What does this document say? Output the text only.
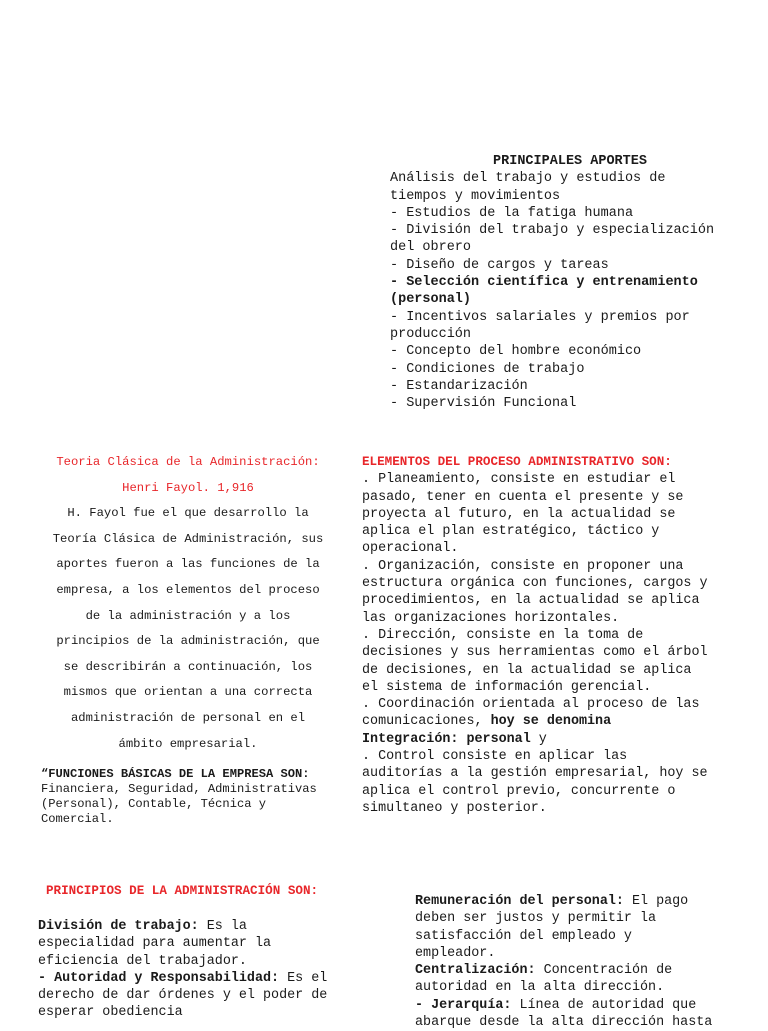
PRINCIPALES APORTES
Análisis del trabajo y estudios de
tiempos y movimientos
- Estudios de la fatiga humana
- División del trabajo y especialización
del obrero
- Diseño de cargos y tareas
- Selección científica y entrenamiento
(personal)
- Incentivos salariales y premios por
producción
- Concepto del hombre económico
- Condiciones de trabajo
- Estandarización
- Supervisión Funcional
Teoria Clásica de la Administración:
Henri Fayol. 1,916
H. Fayol fue el que desarrollo la
Teoría Clásica de Administración, sus
aportes fueron a las funciones de la
empresa, a los elementos del proceso
de la administración y a los
principios de la administración, que
se describirán a continuación, los
mismos que orientan a una correcta
administración de personal en el
ámbito empresarial.
“FUNCIONES BÁSICAS DE LA EMPRESA SON:
Financiera, Seguridad, Administrativas
(Personal), Contable, Técnica y
Comercial.
ELEMENTOS DEL PROCESO ADMINISTRATIVO SON:
. Planeamiento, consiste en estudiar el
pasado, tener en cuenta el presente y se
proyecta al futuro, en la actualidad se
aplica el plan estratégico, táctico y
operacional.
. Organización, consiste en proponer una
estructura orgánica con funciones, cargos y
procedimientos, en la actualidad se aplica
las organizaciones horizontales.
. Dirección, consiste en la toma de
decisiones y sus herramientas como el árbol
de decisiones, en la actualidad se aplica
el sistema de información gerencial.
. Coordinación orientada al proceso de las
comunicaciones, hoy se denomina
Integración: personal y
. Control consiste en aplicar las
auditorías a la gestión empresarial, hoy se
aplica el control previo, concurrente o
simultaneo y posterior.
PRINCIPIOS DE LA ADMINISTRACIÓN SON:
División de trabajo: Es la
especialidad para aumentar la
eficiencia del trabajador.
- Autoridad y Responsabilidad: Es el
derecho de dar órdenes y el poder de
esperar obediencia
Remuneración del personal: El pago
deben ser justos y permitir la
satisfacción del empleado y
empleador.
Centralización: Concentración de
autoridad en la alta dirección.
- Jerarquía: Línea de autoridad que
abarque desde la alta dirección hasta
